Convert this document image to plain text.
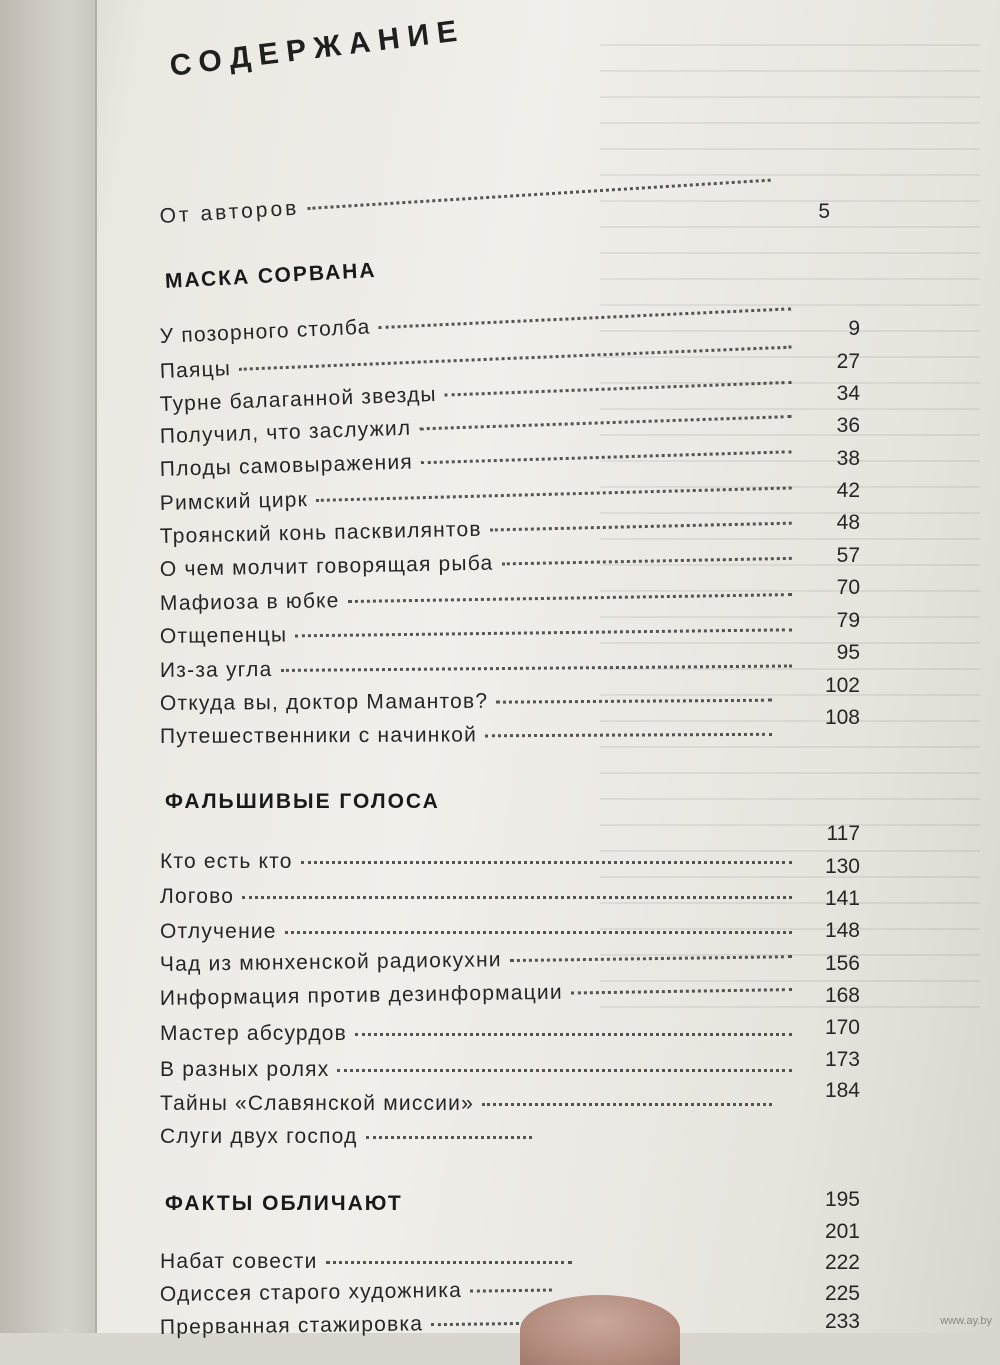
СОДЕРЖАНИЕ
От авторов	5
МАСКА СОРВАНА
У позорного столба
Паяцы
Турне балаганной звезды
Получил, что заслужил
Плоды самовыражения
Римский цирк
Троянский конь пасквилянтов
О чем молчит говорящая рыба
Мафиоза в юбке
Отщепенцы
Из-за угла
Откуда вы, доктор Мамантов?
Путешественники с начинкой
9
27
34
36
38
42
48
57
70
79
95
102
108
ФАЛЬШИВЫЕ ГОЛОСА
Кто есть кто
Логово
Отлучение
Чад из мюнхенской радиокухни
Информация против дезинформации
Мастер абсурдов
В разных ролях
Тайны «Славянской миссии»
Слуги двух господ
117
130
141
148
156
168
170
173
184
ФАКТЫ ОБЛИЧАЮТ
Набат совести
Одиссея старого художника
Прерванная стажировка
195
201
222
225
233	www.ay.by
